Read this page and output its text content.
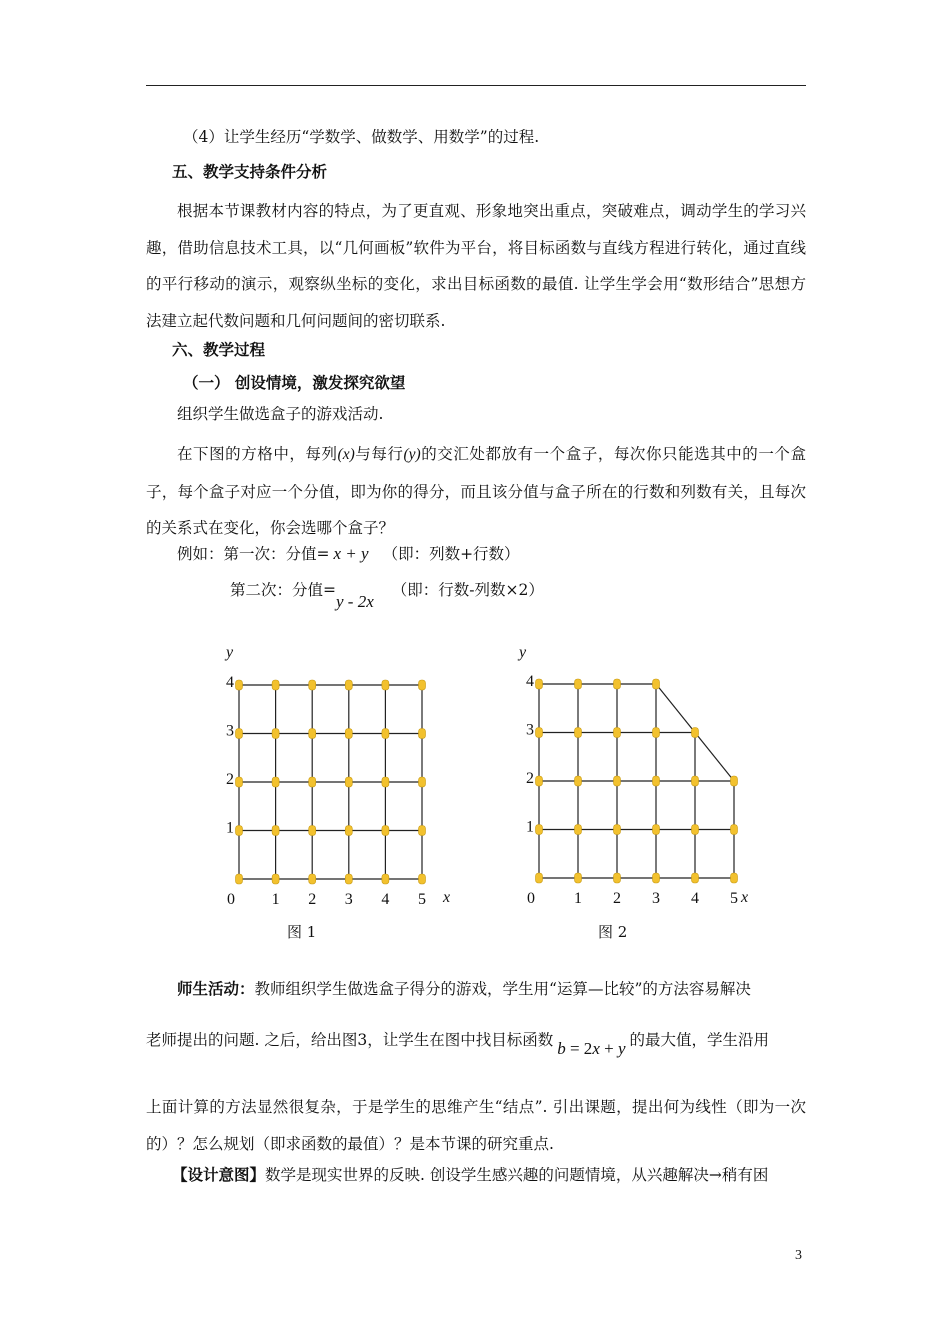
（4）让学生经历“学数学、做数学、用数学”的过程.
五、教学支持条件分析
根据本节课教材内容的特点，为了更直观、形象地突出重点，突破难点，调动学生的学习兴趣，借助信息技术工具，以“几何画板”软件为平台，将目标函数与直线方程进行转化，通过直线的平行移动的演示，观察纵坐标的变化，求出目标函数的最值. 让学生学会用“数形结合”思想方法建立起代数问题和几何问题间的密切联系.
六、教学过程
（一） 创设情境，激发探究欲望
组织学生做选盒子的游戏活动.
在下图的方格中，每列(x)与每行(y)的交汇处都放有一个盒子，每次你只能选其中的一个盒子，每个盒子对应一个分值，即为你的得分，而且该分值与盒子所在的行数和列数有关，且每次的关系式在变化，你会选哪个盒子？
例如：第一次：分值= x + y （即：列数+行数）
第二次：分值=y - 2x（即：行数-列数×2）
y
x
0 1 2 3 4 5
1
2
3
4
图 1
y
x
0 1 2 3 4 5
1
2
3
4
图 2
师生活动：教师组织学生做选盒子得分的游戏，学生用“运算—比较”的方法容易解决
老师提出的问题. 之后，给出图3，让学生在图中找目标函数 b = 2x + y 的最大值，学生沿用
上面计算的方法显然很复杂，于是学生的思维产生“结点”. 引出课题，提出何为线性（即为一次的）？怎么规划（即求函数的最值）？是本节课的研究重点.
【设计意图】数学是现实世界的反映. 创设学生感兴趣的问题情境，从兴趣解决→稍有困
3
